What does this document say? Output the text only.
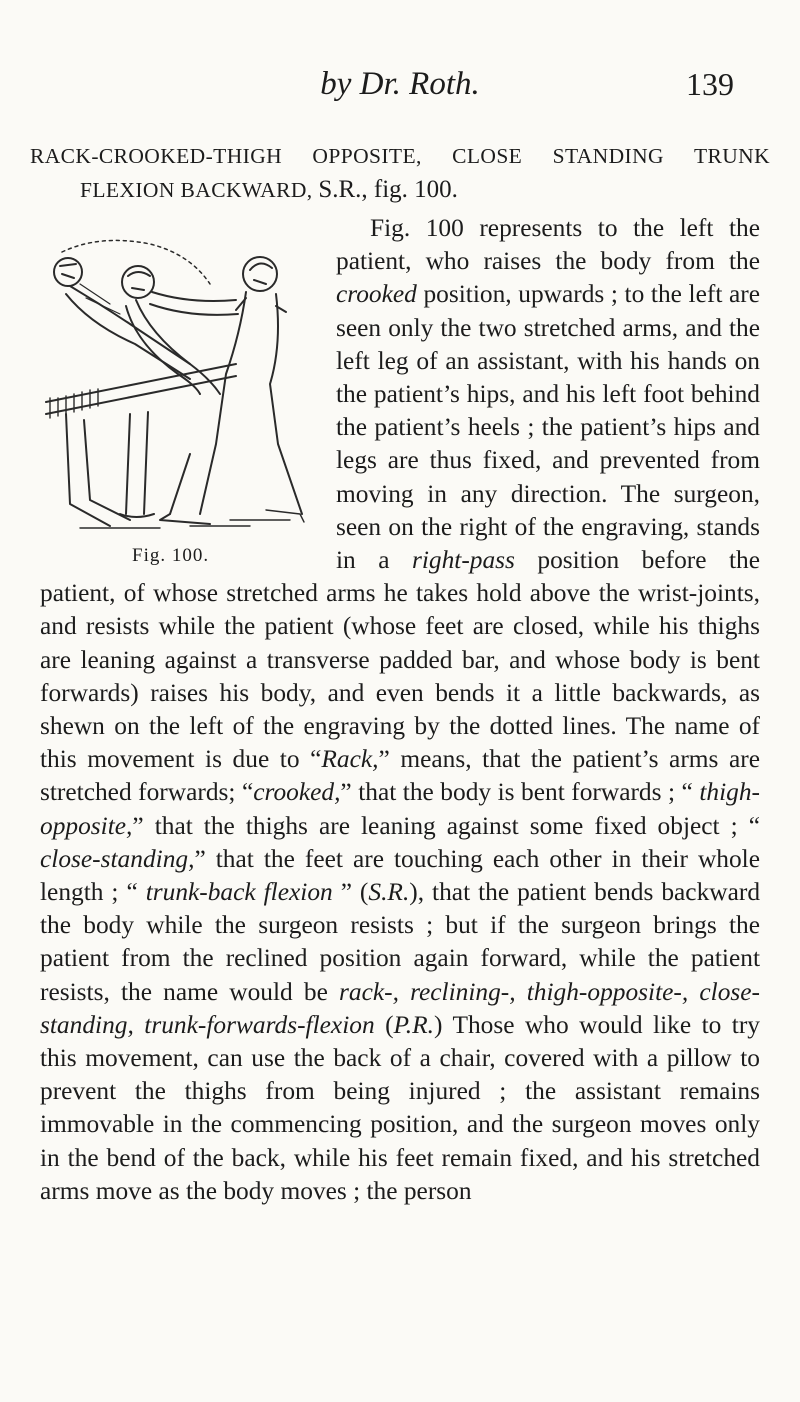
by Dr. Roth.	139
RACK-CROOKED-THIGH OPPOSITE, CLOSE STANDING TRUNK
FLEXION BACKWARD, S.R., fig. 100.

Fig. 100.
Fig. 100 represents to the left the patient, who raises the body from the crooked position, upwards ; to the left are seen only the two stretched arms, and the left leg of an assistant, with his hands on the patient’s hips, and his left foot behind the patient’s heels ; the patient’s hips and legs are thus fixed, and prevented from moving in any direction. The surgeon, seen on the right of the engraving, stands in a right-pass position before the patient, of whose stretched arms he takes hold above the wrist-joints, and resists while the patient (whose feet are closed, while his thighs are leaning against a transverse padded bar, and whose body is bent forwards) raises his body, and even bends it a little backwards, as shewn on the left of the engraving by the dotted lines. The name of this movement is due to “Rack,” means, that the patient’s arms are stretched forwards; “crooked,” that the body is bent forwards ; “ thigh-opposite,” that the thighs are leaning against some fixed object ; “ close-standing,” that the feet are touching each other in their whole length ; “ trunk-back flexion ” (S.R.), that the patient bends backward the body while the surgeon resists ; but if the surgeon brings the patient from the reclined position again forward, while the patient resists, the name would be rack-, reclining-, thigh-opposite-, close-standing, trunk-forwards-flexion (P.R.) Those who would like to try this movement, can use the back of a chair, covered with a pillow to prevent the thighs from being injured ; the assistant remains immovable in the commencing position, and the surgeon moves only in the bend of the back, while his feet remain fixed, and his stretched arms move as the body moves ; the person
